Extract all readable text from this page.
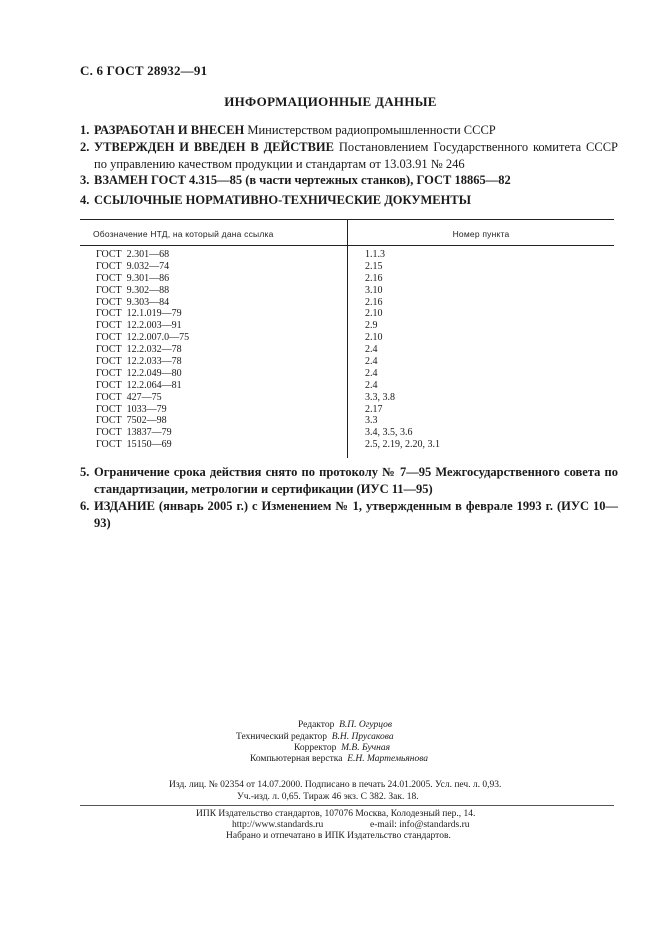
С. 6 ГОСТ 28932—91
ИНФОРМАЦИОННЫЕ ДАННЫЕ
1. РАЗРАБОТАН И ВНЕСЕН Министерством радиопромышленности СССР
2. УТВЕРЖДЕН И ВВЕДЕН В ДЕЙСТВИЕ Постановлением Государственного комитета СССР по управлению качеством продукции и стандартам от 13.03.91 № 246
3. ВЗАМЕН ГОСТ 4.315—85 (в части чертежных станков), ГОСТ 18865—82
4. ССЫЛОЧНЫЕ НОРМАТИВНО-ТЕХНИЧЕСКИЕ ДОКУМЕНТЫ
Обозначение НТД, на который дана ссылка	Номер пункта
ГОСТ  2.301—68	1.1.3
ГОСТ  9.032—74	2.15
ГОСТ  9.301—86	2.16
ГОСТ  9.302—88	3.10
ГОСТ  9.303—84	2.16
ГОСТ  12.1.019—79	2.10
ГОСТ  12.2.003—91	2.9
ГОСТ  12.2.007.0—75	2.10
ГОСТ  12.2.032—78	2.4
ГОСТ  12.2.033—78	2.4
ГОСТ  12.2.049—80	2.4
ГОСТ  12.2.064—81	2.4
ГОСТ  427—75	3.3, 3.8
ГОСТ  1033—79	2.17
ГОСТ  7502—98	3.3
ГОСТ  13837—79	3.4, 3.5, 3.6
ГОСТ  15150—69	2.5, 2.19, 2.20, 3.1
5. Ограничение срока действия снято по протоколу № 7—95 Межгосударственного совета по стандартизации, метрологии и сертификации (ИУС 11—95)
6. ИЗДАНИЕ (январь 2005 г.) с Изменением № 1, утвержденным в феврале 1993 г. (ИУС 10—93)
Редактор В.П. Огурцов
Технический редактор В.Н. Прусакова
Корректор М.В. Бучная
Компьютерная верстка Е.Н. Мартемьянова
Изд. лиц. № 02354 от 14.07.2000. Подписано в печать 24.01.2005. Усл. печ. л. 0,93.
Уч.-изд. л. 0,65. Тираж 46 экз. С 382. Зак. 18.
ИПК Издательство стандартов, 107076 Москва, Колодезный пер., 14.
http://www.standards.ru	e-mail: info@standards.ru
Набрано и отпечатано в ИПК Издательство стандартов.
